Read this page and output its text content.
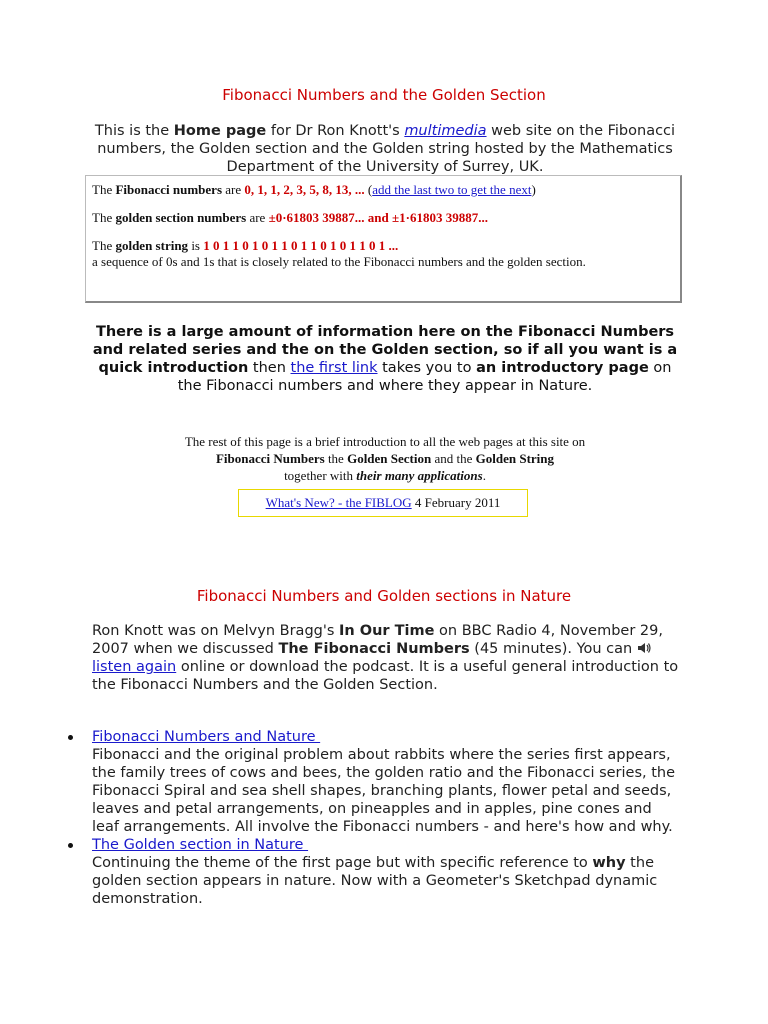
Fibonacci Numbers and the Golden Section
This is the Home page for Dr Ron Knott's multimedia web site on the Fibonacci numbers, the Golden section and the Golden string hosted by the Mathematics Department of the University of Surrey, UK.

The Fibonacci numbers are 0, 1, 1, 2, 3, 5, 8, 13, ... (add the last two to get the next)

The golden section numbers are ±0·61803 39887... and ±1·61803 39887...

The golden string is 1 0 1 1 0 1 0 1 1 0 1 1 0 1 0 1 1 0 1 ...

a sequence of 0s and 1s that is closely related to the Fibonacci numbers and the golden section.

There is a large amount of information here on the Fibonacci Numbers and related series and the on the Golden section, so if all you want is a quick introduction then the first link takes you to an introductory page on the Fibonacci numbers and where they appear in Nature.
The rest of this page is a brief introduction to all the web pages at this site on
Fibonacci Numbers the Golden Section and the Golden String
together with their many applications.
What's New? - the FIBLOG 4 February 2011
Fibonacci Numbers and Golden sections in Nature
Ron Knott was on Melvyn Bragg's In Our Time on BBC Radio 4, November 29, 2007 when we discussed The Fibonacci Numbers (45 minutes). You can listen again online or download the podcast. It is a useful general introduction to the Fibonacci Numbers and the Golden Section.
Fibonacci Numbers and Nature
Fibonacci and the original problem about rabbits where the series first appears, the family trees of cows and bees, the golden ratio and the Fibonacci series, the Fibonacci Spiral and sea shell shapes, branching plants, flower petal and seeds, leaves and petal arrangements, on pineapples and in apples, pine cones and leaf arrangements. All involve the Fibonacci numbers - and here's how and why.
The Golden section in Nature
Continuing the theme of the first page but with specific reference to why the golden section appears in nature. Now with a Geometer's Sketchpad dynamic demonstration.
